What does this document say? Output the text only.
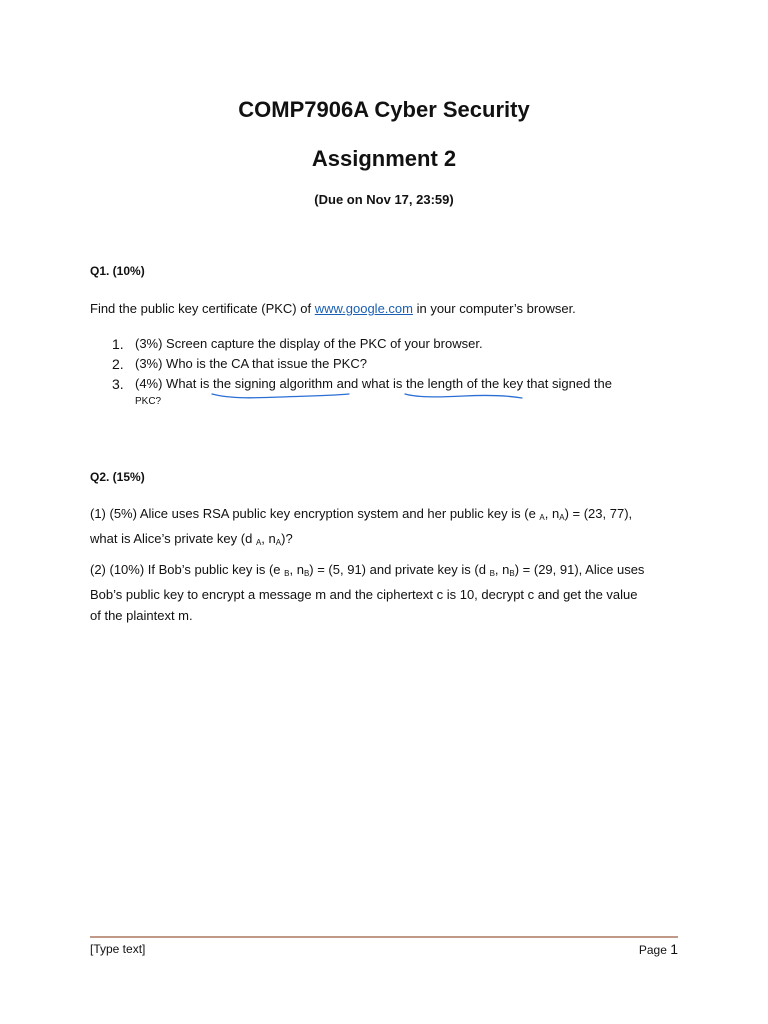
COMP7906A Cyber Security
Assignment 2

(Due on Nov 17, 23:59)

Q1. (10%)

Find the public key certificate (PKC) of www.google.com in your computer’s browser.

1. (3%) Screen capture the display of the PKC of your browser.
2. (3%) Who is the CA that issue the PKC?
3. (4%) What is the signing algorithm
and what is the length of the key
that signed the
PKC?

Q2. (15%)

(1) (5%) Alice uses RSA public key encryption system and her public key is (e $_A$, $n_A) = (23$, 77),
what is Alice’s private key (d $_A$, $n_A$)?

(2) (10%) If Bob’s public key is (e $_B$, $n_B) = (5$, 91) and private key is (d $_B$, $n_B) = (29$, 91), Alice uses
Bob’s public key to encrypt a message m and the ciphertext c is 10, decrypt c and get the value
of the plaintext m.

[Type text]	Page 1
